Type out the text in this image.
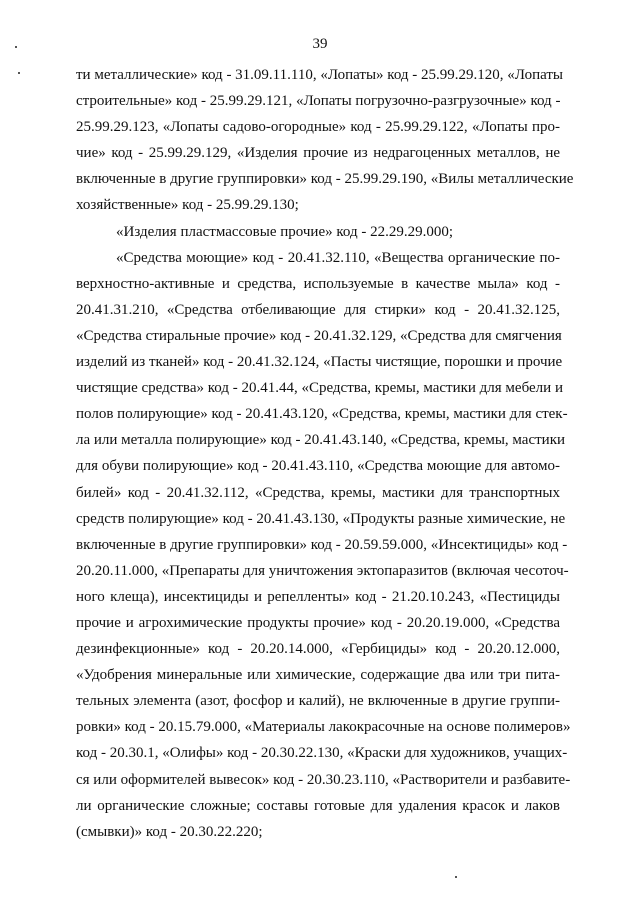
39
ти металлические» код - 31.09.11.110, «Лопаты» код - 25.99.29.120, «Лопаты
строительные» код - 25.99.29.121, «Лопаты погрузочно-разгрузочные» код -
25.99.29.123, «Лопаты садово-огородные» код - 25.99.29.122, «Лопаты про-
чие» код - 25.99.29.129, «Изделия прочие из недрагоценных металлов, не
включенные в другие группировки» код - 25.99.29.190, «Вилы металлические
хозяйственные» код - 25.99.29.130;
«Изделия пластмассовые прочие» код - 22.29.29.000;
«Средства моющие» код - 20.41.32.110, «Вещества органические по-
верхностно-активные и средства, используемые в качестве мыла» код -
20.41.31.210, «Средства отбеливающие для стирки» код - 20.41.32.125,
«Средства стиральные прочие» код - 20.41.32.129, «Средства для смягчения
изделий из тканей» код - 20.41.32.124, «Пасты чистящие, порошки и прочие
чистящие средства» код - 20.41.44, «Средства, кремы, мастики для мебели и
полов полирующие» код - 20.41.43.120, «Средства, кремы, мастики для стек-
ла или металла полирующие» код - 20.41.43.140, «Средства, кремы, мастики
для обуви полирующие» код - 20.41.43.110, «Средства моющие для автомо-
билей» код - 20.41.32.112, «Средства, кремы, мастики для транспортных
средств полирующие» код - 20.41.43.130, «Продукты разные химические, не
включенные в другие группировки» код - 20.59.59.000, «Инсектициды» код -
20.20.11.000, «Препараты для уничтожения эктопаразитов (включая чесоточ-
ного клеща), инсектициды и репелленты» код - 21.20.10.243, «Пестициды
прочие и агрохимические продукты прочие» код - 20.20.19.000, «Средства
дезинфекционные» код - 20.20.14.000, «Гербициды» код - 20.20.12.000,
«Удобрения минеральные или химические, содержащие два или три пита-
тельных элемента (азот, фосфор и калий), не включенные в другие группи-
ровки» код - 20.15.79.000, «Материалы лакокрасочные на основе полимеров»
код - 20.30.1, «Олифы» код - 20.30.22.130, «Краски для художников, учащих-
ся или оформителей вывесок» код - 20.30.23.110, «Растворители и разбавите-
ли органические сложные; составы готовые для удаления красок и лаков
(смывки)» код - 20.30.22.220;
